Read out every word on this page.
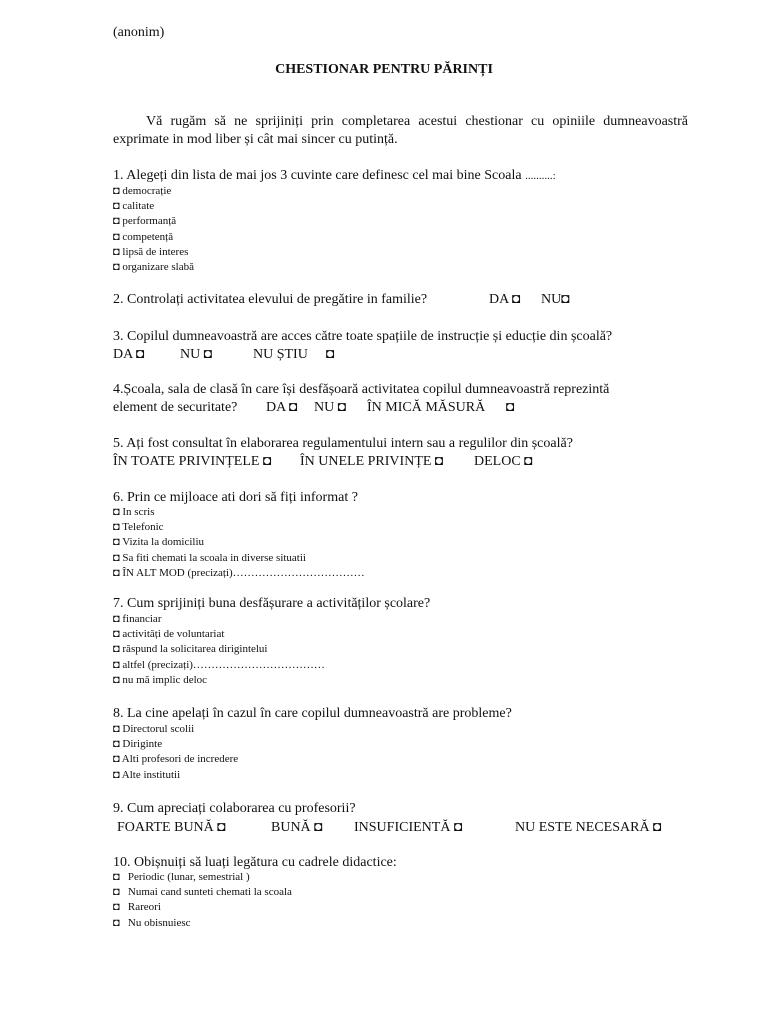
(anonim)
CHESTIONAR PENTRU PĂRINȚI
Vă rugăm să ne sprijiniți prin completarea acestui chestionar cu opiniile dumneavoastră exprimate in mod liber și cât mai sincer cu putință.
1. Alegeți din lista de mai jos 3 cuvinte care definesc cel mai bine Scoala ..........:
◘ democrație
◘ calitate
◘ performanță
◘ competență
◘ lipsă de interes
◘ organizare slabă
2. Controlați activitatea elevului de pregătire in familie?	DA ◘ NU◘
3. Copilul dumneavoastră are acces către toate spațiile de instrucție și educție din școală?
DA ◘	NU ◘	NU ȘTIU ◘
4.Școala, sala de clasă în care își desfășoară activitatea copilul dumneavoastră reprezintă
element de securitate? DA ◘ NU ◘ ÎN MICĂ MĂSURĂ ◘
5. Ați fost consultat în elaborarea regulamentului intern sau a regulilor din școală?
ÎN TOATE PRIVINȚELE ◘ ÎN UNELE PRIVINȚE ◘ DELOC ◘
6. Prin ce mijloace ati dori să fiți informat ?
◘ In scris
◘ Telefonic
◘ Vizita la domiciliu
◘ Sa fiti chemati la scoala in diverse situatii
◘ ÎN ALT MOD (precizați)………………………………
7. Cum sprijiniți buna desfășurare a activităților școlare?
◘ financiar
◘ activități de voluntariat
◘ răspund la solicitarea dirigintelui
◘ altfel (precizați)………………………………
◘ nu mă implic deloc
8. La cine apelați în cazul în care copilul dumneavoastră are probleme?
◘ Directorul scolii
◘ Diriginte
◘ Alti profesori de incredere
◘ Alte institutii
9. Cum apreciați colaborarea cu profesorii?
FOARTE BUNĂ ◘	BUNĂ ◘ INSUFICIENTĂ ◘	NU ESTE NECESARĂ ◘
10. Obișnuiți să luați legătura cu cadrele didactice:
◘   Periodic (lunar, semestrial )
◘   Numai cand sunteti chemati la scoala
◘   Rareori
◘   Nu obisnuiesc
